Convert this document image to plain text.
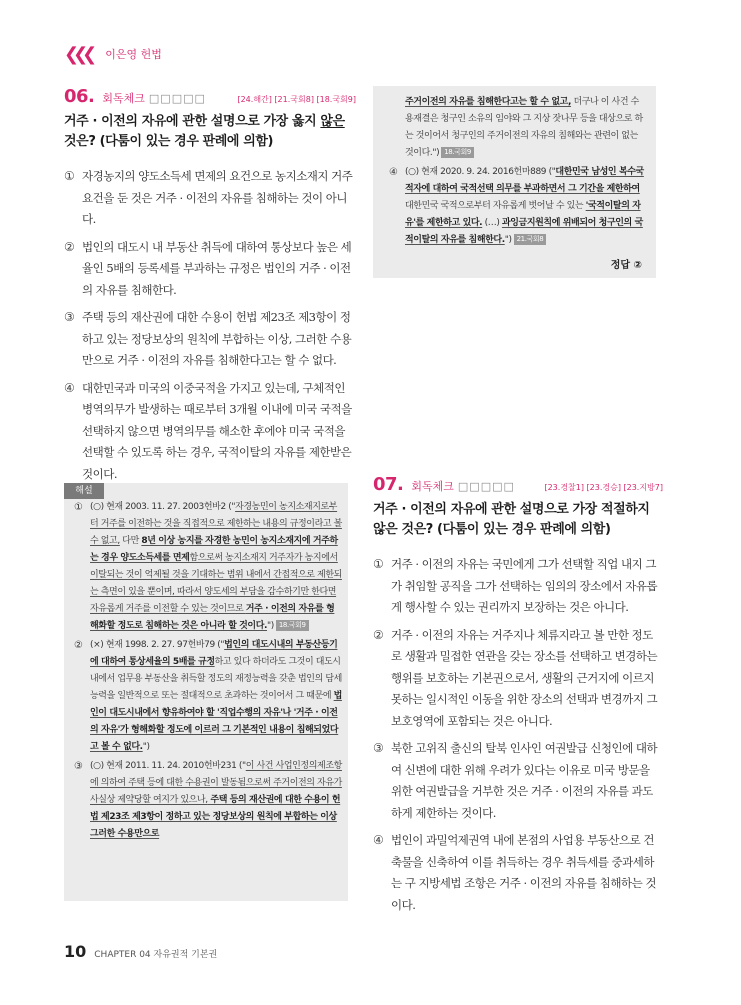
❮❮❮ 이은영 헌법
06. 회독체크 □□□□□	[24.해간] [21.국회8] [18.국회9]
거주 · 이전의 자유에 관한 설명으로 가장 옳지 않은 것은? (다툼이 있는 경우 판례에 의함)
① 자경농지의 양도소득세 면제의 요건으로 농지소재지 거주요건을 둔 것은 거주 · 이전의 자유를 침해하는 것이 아니다.
② 법인의 대도시 내 부동산 취득에 대하여 통상보다 높은 세율인 5배의 등록세를 부과하는 규정은 법인의 거주 · 이전의 자유를 침해한다.
③ 주택 등의 재산권에 대한 수용이 헌법 제23조 제3항이 정하고 있는 정당보상의 원칙에 부합하는 이상, 그러한 수용만으로 거주 · 이전의 자유를 침해한다고는 할 수 없다.
④ 대한민국과 미국의 이중국적을 가지고 있는데, 구체적인 병역의무가 발생하는 때로부터 3개월 이내에 미국 국적을 선택하지 않으면 병역의무를 해소한 후에야 미국 국적을 선택할 수 있도록 하는 경우, 국적이탈의 자유를 제한받은 것이다.
해설
① (○) 현재 2003. 11. 27. 2003헌바2 ("자경농민이 농지소재지로부터 거주를 이전하는 것을 직접적으로 제한하는 내용의 규정이라고 볼 수 없고, 다만 8년 이상 농지를 자경한 농민이 농지소재지에 거주하는 경우 양도소득세를 면제함으로써 농지소재지 거주자가 농지에서 이탈되는 것이 억제될 것을 기대하는 범위 내에서 간접적으로 제한되는 측면이 있을 뿐이며, 따라서 양도세의 부담을 감수하기만 한다면 자유롭게 거주를 이전할 수 있는 것이므로 거주 · 이전의 자유를 형해화할 정도로 침해하는 것은 아니라 할 것이다.") 18.국회9
② (×) 현재 1998. 2. 27. 97헌바79 ("법인의 대도시내의 부동산등기에 대하여 통상세율의 5배를 규정하고 있다 하더라도 그것이 대도시내에서 업무용 부동산을 취득할 정도의 재정능력을 갖춘 법인의 담세능력을 일반적으로 또는 절대적으로 초과하는 것이어서 그 때문에 법인이 대도시내에서 향유하여야 할 '직업수행의 자유'나 '거주 · 이전의 자유'가 형해화할 정도에 이르러 그 기본적인 내용이 침해되었다고 볼 수 없다.")
③ (○) 현재 2011. 11. 24. 2010헌바231 ("이 사건 사업인정의제조항에 의하여 주택 등에 대한 수용권이 발동됨으로써 주거이전의 자유가 사실상 제약당할 여지가 있으나, 주택 등의 재산권에 대한 수용이 헌법 제23조 제3항이 정하고 있는 정당보상의 원칙에 부합하는 이상 그러한 수용만으로
주거이전의 자유를 침해한다고는 할 수 없고, 더구나 이 사건 수용재결은 청구인 소유의 임야와 그 지상 잣나무 등을 대상으로 하는 것이어서 청구인의 주거이전의 자유의 침해와는 관련이 없는 것이다.") 18.국회9
④ (○) 현재 2020. 9. 24. 2016헌마889 ("대한민국 남성인 복수국적자에 대하여 국적선택 의무를 부과하면서 그 기간을 제한하여 대한민국 국적으로부터 자유롭게 벗어날 수 있는 '국적이탈의 자유'를 제한하고 있다. (…) 과잉금지원칙에 위배되어 청구인의 국적이탈의 자유를 침해한다.") 21.국회8
정답 ②
07. 회독체크 □□□□□	[23.경찰1] [23.경승] [23.지방7]
거주 · 이전의 자유에 관한 설명으로 가장 적절하지 않은 것은? (다툼이 있는 경우 판례에 의함)
① 거주 · 이전의 자유는 국민에게 그가 선택할 직업 내지 그가 취임할 공직을 그가 선택하는 임의의 장소에서 자유롭게 행사할 수 있는 권리까지 보장하는 것은 아니다.
② 거주 · 이전의 자유는 거주지나 체류지라고 볼 만한 정도로 생활과 밀접한 연관을 갖는 장소를 선택하고 변경하는 행위를 보호하는 기본권으로서, 생활의 근거지에 이르지 못하는 일시적인 이동을 위한 장소의 선택과 변경까지 그 보호영역에 포함되는 것은 아니다.
③ 북한 고위직 출신의 탈북 인사인 여권발급 신청인에 대하여 신변에 대한 위해 우려가 있다는 이유로 미국 방문을 위한 여권발급을 거부한 것은 거주 · 이전의 자유를 과도하게 제한하는 것이다.
④ 법인이 과밀억제권역 내에 본점의 사업용 부동산으로 건축물을 신축하여 이를 취득하는 경우 취득세를 중과세하는 구 지방세법 조항은 거주 · 이전의 자유를 침해하는 것이다.
10 CHAPTER 04 자유권적 기본권
